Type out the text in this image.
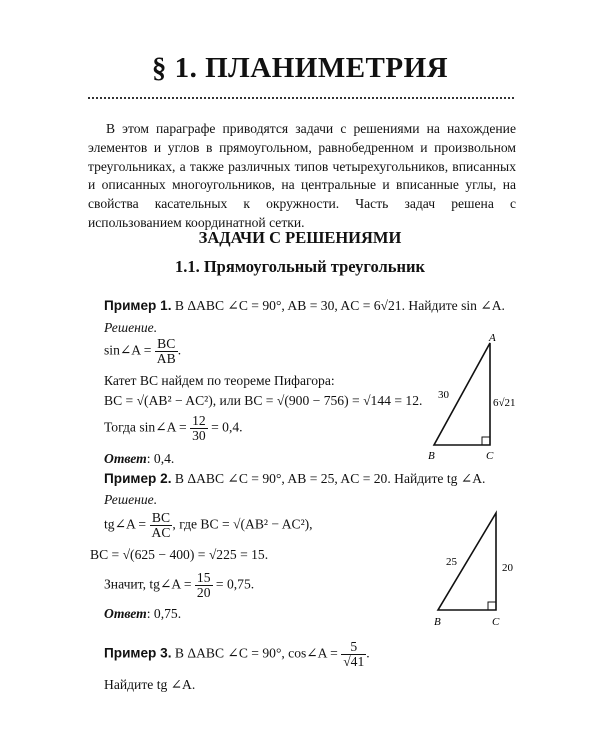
§ 1. ПЛАНИМЕТРИЯ

В этом параграфе приводятся задачи с решениями на нахождение элементов и углов в прямоугольном, равнобедренном и произвольном треугольниках, а также различных типов четырехугольников, вписанных и описанных многоугольников, на центральные и вписанные углы, на свойства касательных к окружности. Часть задач решена с использованием координатной сетки.

ЗАДАЧИ С РЕШЕНИЯМИ
1.1. Прямоугольный треугольник
Пример 1. В ΔABC ∠C = 90°, AB = 30, AC = 6√21. Найдите sin ∠A.
Решение.
sin∠A = $\frac{BC}{AB}$ .
Катет BC найдем по теореме Пифагора:
BC = √(AB² − AC²), или BC = √(900 − 756) = √144 = 12.
Тогда sin∠A = $\frac{12}{30} = 0,4$.
Ответ: 0,4.
A
B	C
30
6√21
Пример 2. В ΔABC ∠C = 90°, AB = 25, AC = 20. Найдите tg ∠A.
Решение.
tg∠A = $\frac{BC}{AC}$ , где BC = √(AB² − AC²),
BC = √(625 − 400) = √225 = 15.
Значит, tg∠A = $\frac{15}{20} = 0,75$.
Ответ: 0,75.
B	C
25	20
Пример 3. В ΔABC ∠C = 90°, cos∠A = $\frac{5}{√41}$ .
Найдите tg ∠A.
